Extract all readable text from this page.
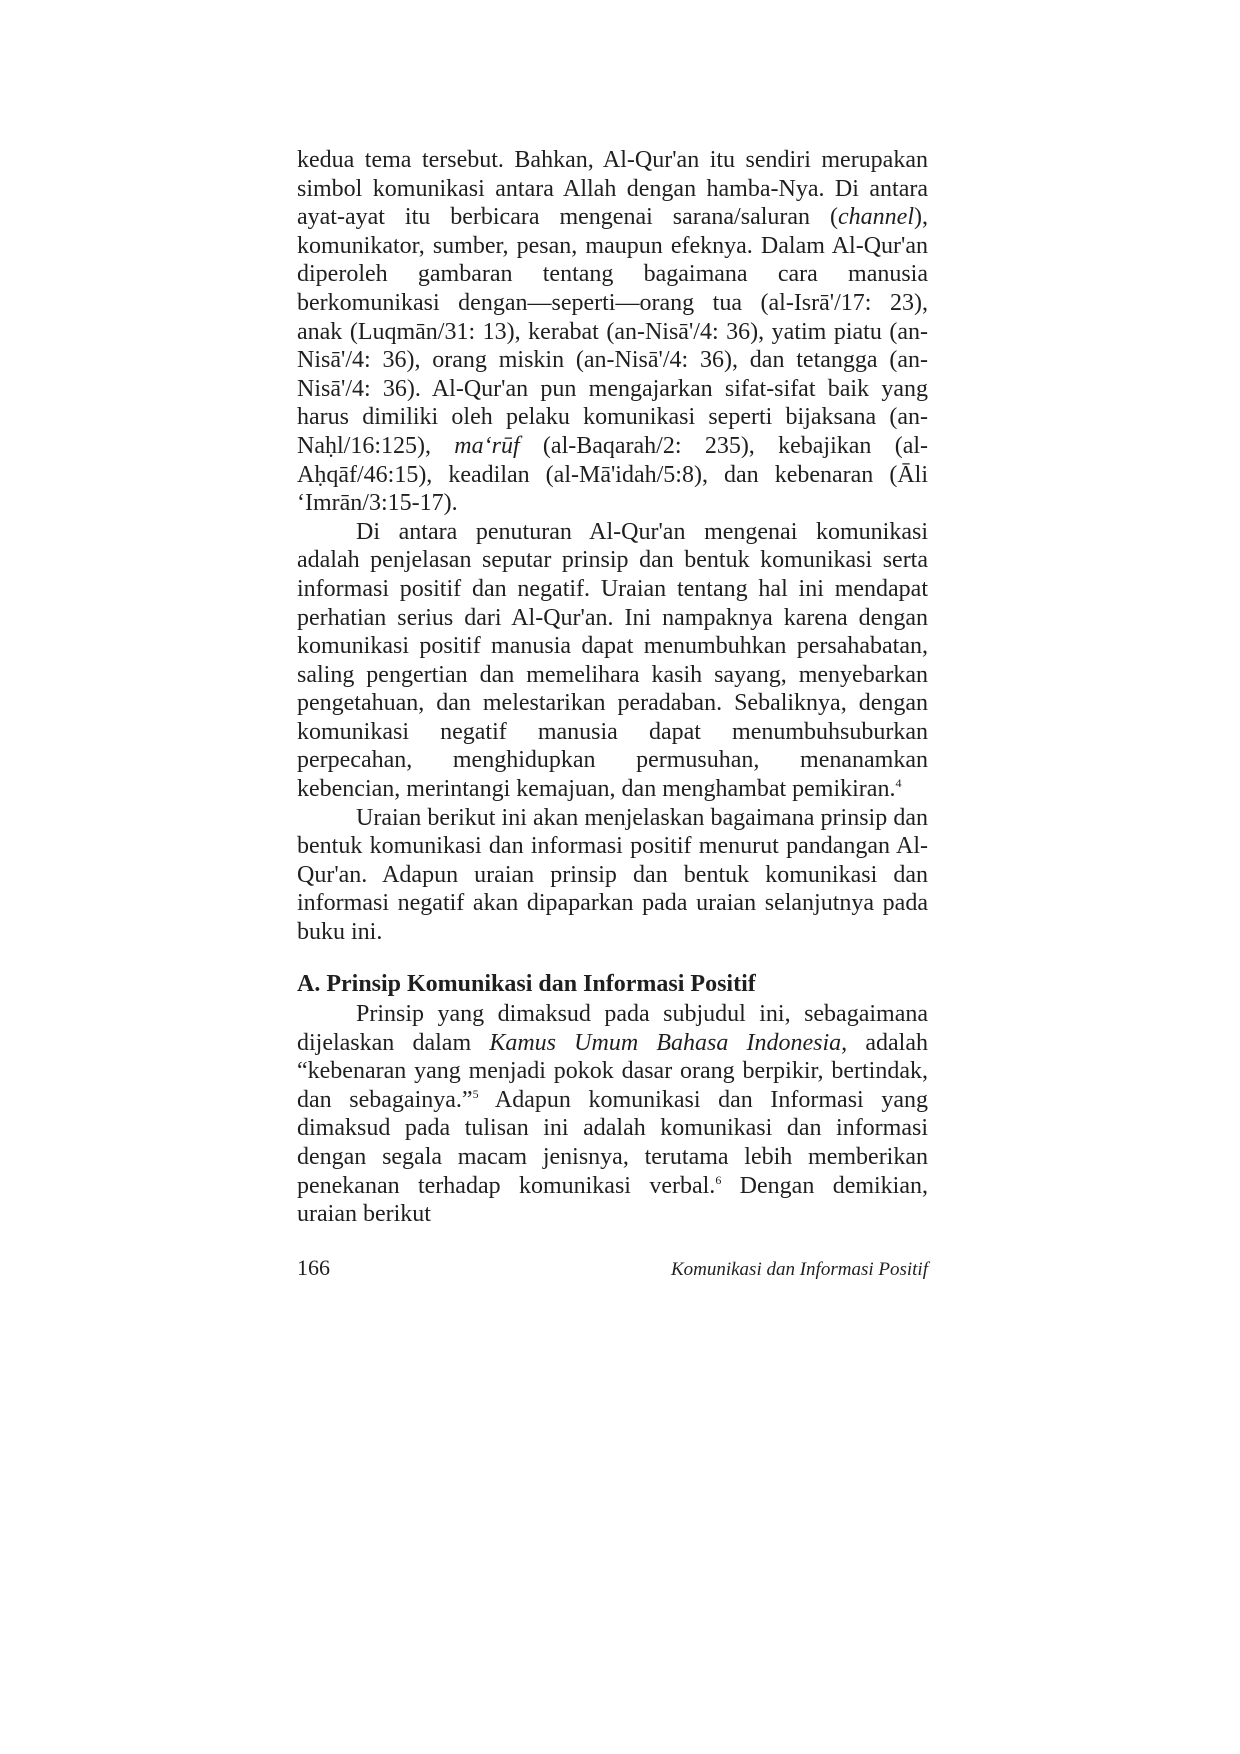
kedua tema tersebut. Bahkan, Al-Qur'an itu sendiri merupakan simbol komunikasi antara Allah dengan hamba-Nya. Di antara ayat-ayat itu berbicara mengenai sarana/saluran (channel), komunikator, sumber, pesan, maupun efeknya. Dalam Al-Qur'an diperoleh gambaran tentang bagaimana cara manusia berkomunikasi dengan—seperti—orang tua (al-Isrā'/17: 23), anak (Luqmān/31: 13), kerabat (an-Nisā'/4: 36), yatim piatu (an-Nisā'/4: 36), orang miskin (an-Nisā'/4: 36), dan tetangga (an-Nisā'/4: 36). Al-Qur'an pun mengajarkan sifat-sifat baik yang harus dimiliki oleh pelaku komunikasi seperti bijaksana (an-Naḥl/16:125), ma‘rūf (al-Baqarah/2: 235), kebajikan (al-Aḥqāf/46:15), keadilan (al-Mā'idah/5:8), dan kebenaran (Āli ‘Imrān/3:15-17).

Di antara penuturan Al-Qur'an mengenai komunikasi adalah penjelasan seputar prinsip dan bentuk komunikasi serta informasi positif dan negatif. Uraian tentang hal ini mendapat perhatian serius dari Al-Qur'an. Ini nampaknya karena dengan komunikasi positif manusia dapat menumbuhkan persahabatan, saling pengertian dan memelihara kasih sayang, menyebarkan pengetahuan, dan melestarikan peradaban. Sebaliknya, dengan komunikasi negatif manusia dapat menumbuhsuburkan perpecahan, menghidupkan permusuhan, menanamkan kebencian, merintangi kemajuan, dan menghambat pemikiran.$^4$

Uraian berikut ini akan menjelaskan bagaimana prinsip dan bentuk komunikasi dan informasi positif menurut pandangan Al-Qur'an. Adapun uraian prinsip dan bentuk komunikasi dan informasi negatif akan dipaparkan pada uraian selanjutnya pada buku ini.

A. Prinsip Komunikasi dan Informasi Positif

Prinsip yang dimaksud pada subjudul ini, sebagaimana dijelaskan dalam Kamus Umum Bahasa Indonesia, adalah “kebenaran yang menjadi pokok dasar orang berpikir, bertindak, dan sebagainya.”$^5$ Adapun komunikasi dan Informasi yang dimaksud pada tulisan ini adalah komunikasi dan informasi dengan segala macam jenisnya, terutama lebih memberikan penekanan terhadap komunikasi verbal.$^6$ Dengan demikian, uraian berikut

166	Komunikasi dan Informasi Positif
